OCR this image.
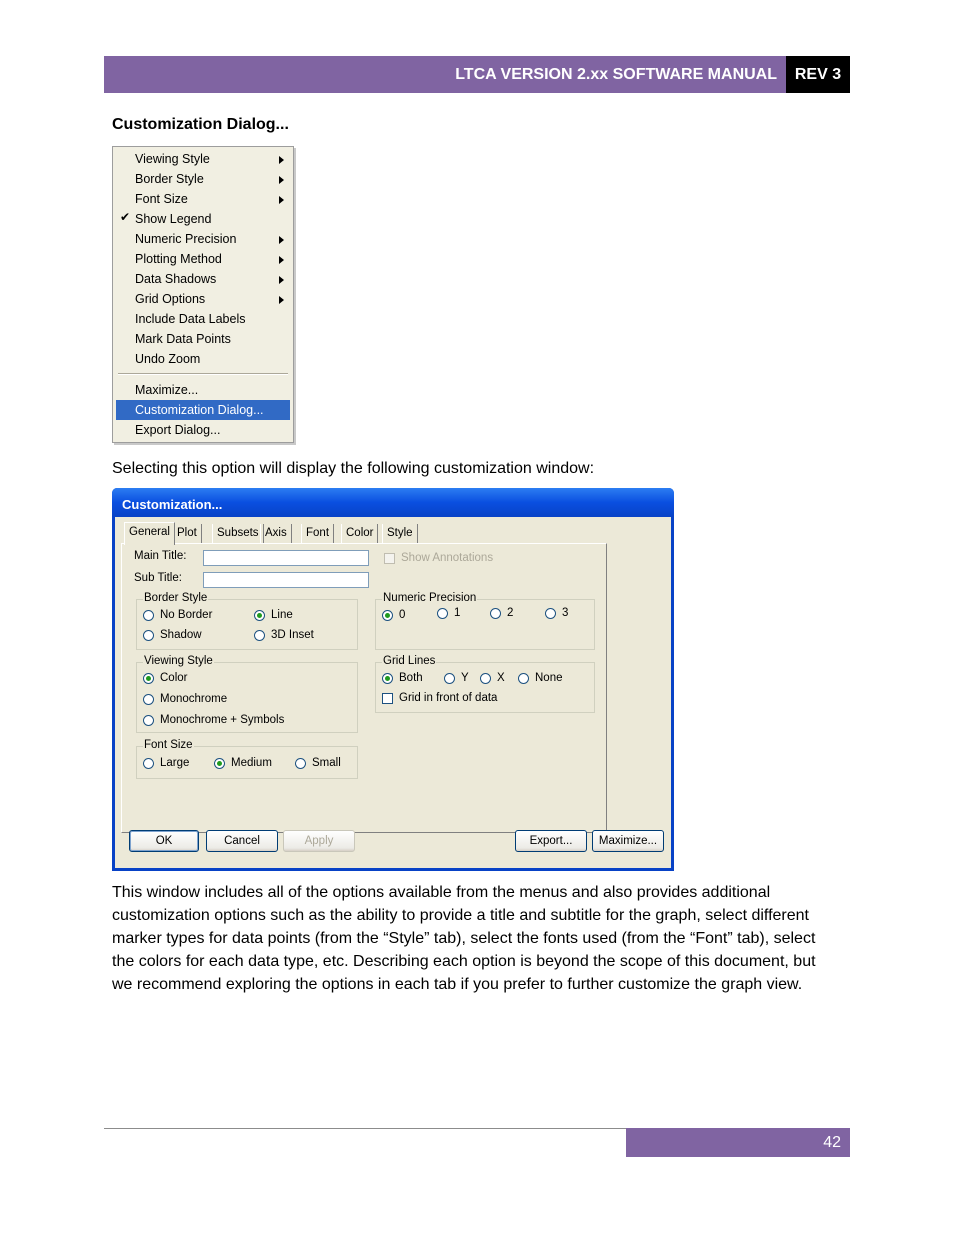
LTCA VERSION 2.xx SOFTWARE MANUAL	REV 3
Customization Dialog...
Viewing Style
Border Style
Font Size
✔ Show Legend
Numeric Precision
Plotting Method
Data Shadows
Grid Options
Include Data Labels
Mark Data Points
Undo Zoom
Maximize...
Customization Dialog...
Export Dialog...

Selecting this option will display the following customization window:

Customization...
General Plot	Subsets Axis	Font	Color	Style
Main Title:
Sub Title:
Show Annotations
Border Style
No Border	Line
Shadow	3D Inset
Numeric Precision
0	1	2	3
Viewing Style
Color
Monochrome
Monochrome + Symbols
Grid Lines
Both	Y X	None
Grid in front of data
Font Size
Large	Medium	Small
OK	Cancel	Apply	Export...	Maximize...

This window includes all of the options available from the menus and also provides additional customization options such as the ability to provide a title and subtitle for the graph, select different marker types for data points (from the “Style” tab), select the fonts used (from the “Font” tab), select the colors for each data type, etc. Describing each option is beyond the scope of this document, but we recommend exploring the options in each tab if you prefer to further customize the graph view.

42
